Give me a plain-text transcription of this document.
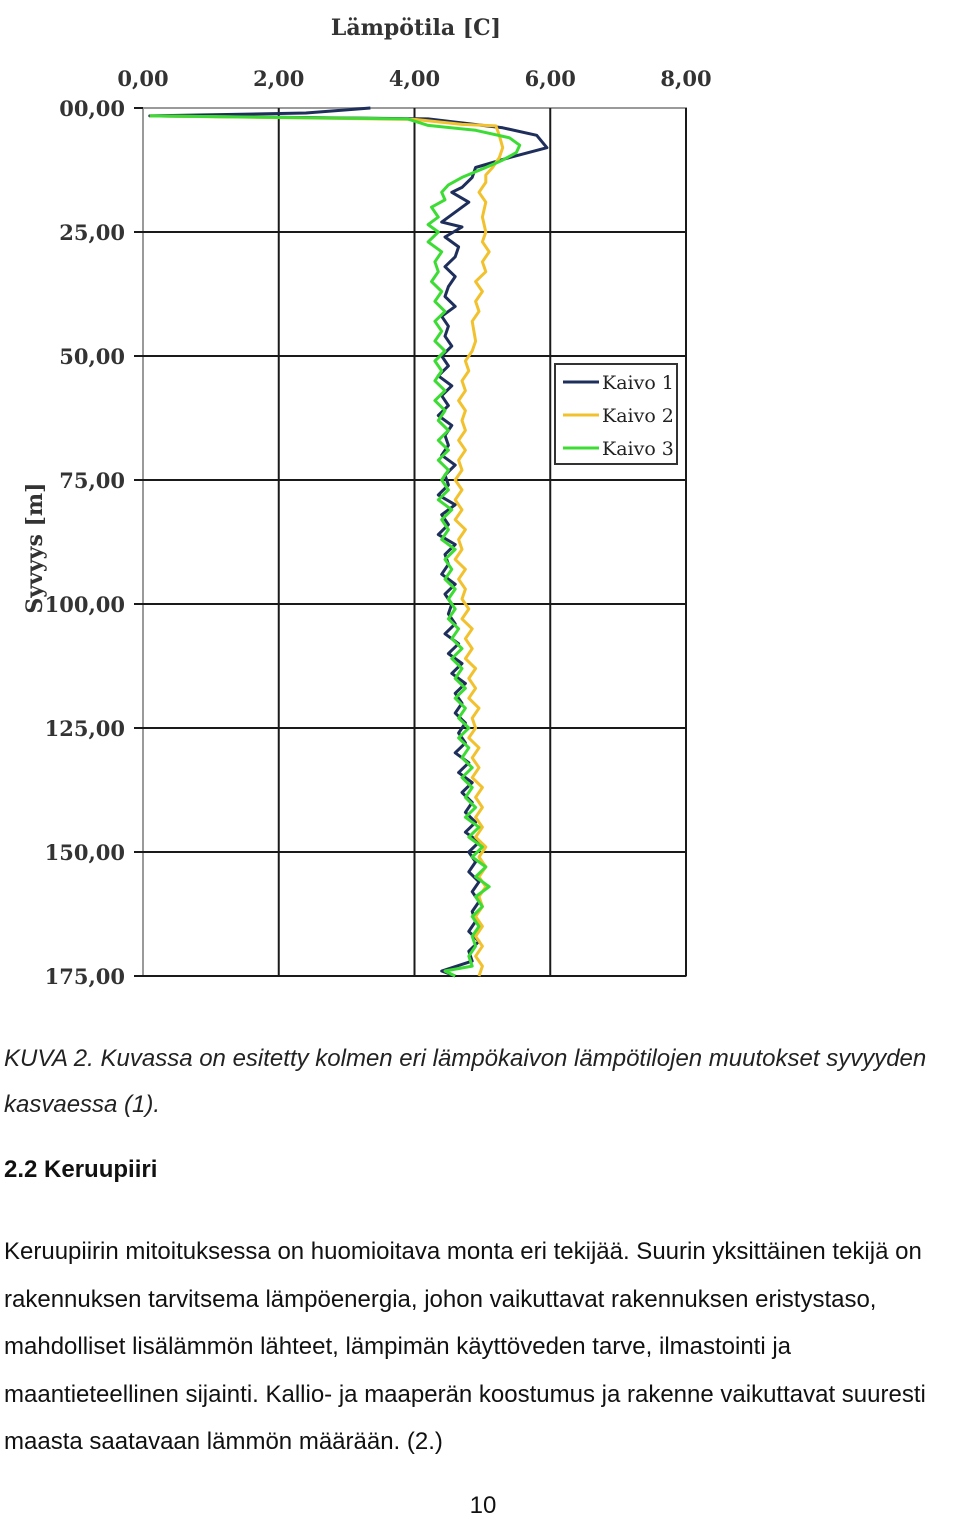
Lämpötila [C]
Syvyys [m]
0,00	2,00	4,00	6,00	8,00
00,00
25,00
50,00
75,00
100,00
125,00
150,00
175,00
Kaivo 1
Kaivo 2
Kaivo 3
KUVA 2. Kuvassa on esitetty kolmen eri lämpökaivon lämpötilojen muutokset syvyyden kasvaessa (1).
2.2 Keruupiiri

Keruupiirin mitoituksessa on huomioitava monta eri tekijää. Suurin yksittäinen tekijä on rakennuksen tarvitsema lämpöenergia, johon vaikuttavat rakennuksen eristystaso, mahdolliset lisälämmön lähteet, lämpimän käyttöveden tarve, ilmastointi ja maantieteellinen sijainti. Kallio- ja maaperän koostumus ja rakenne vaikuttavat suuresti maasta saatavaan lämmön määrään. (2.)

10
